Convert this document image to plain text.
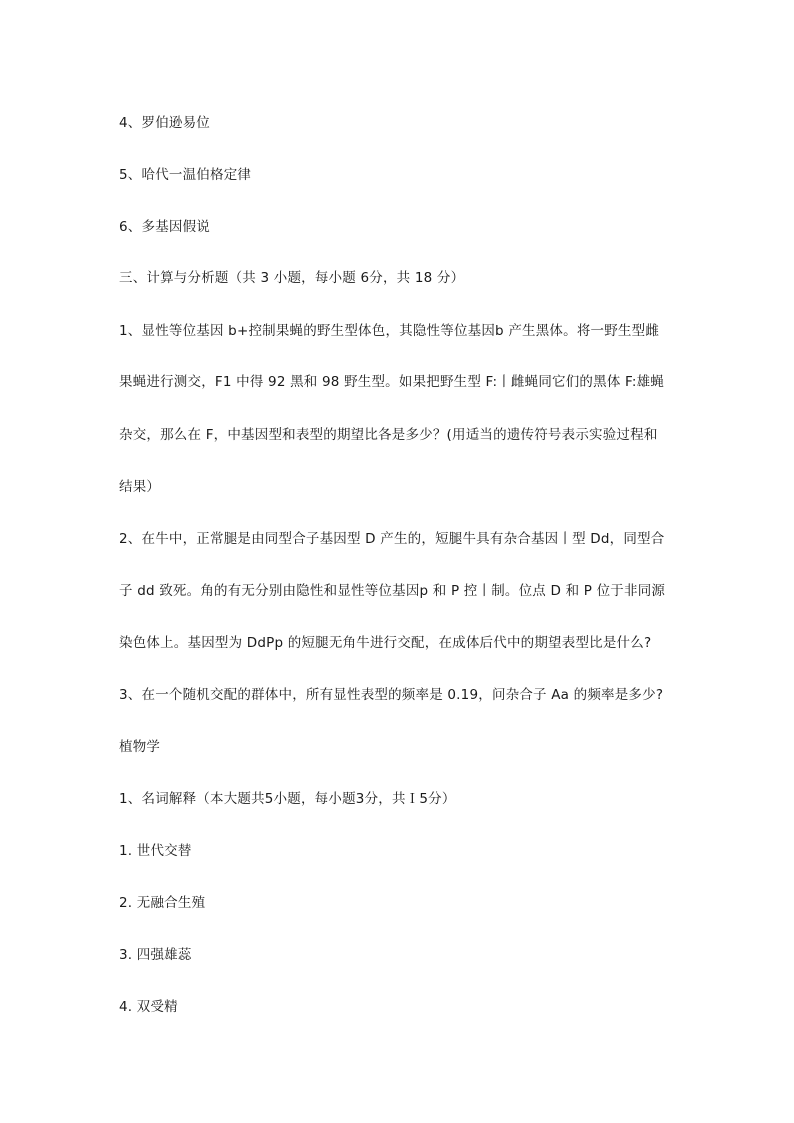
4、罗伯逊易位
5、哈代一温伯格定律
6、多基因假说
三、计算与分析题（共 3 小题，每小题 6分，共 18 分）
1、显性等位基因 b+控制果蝇的野生型体色，其隐性等位基因b 产生黑体。将一野生型雌
果蝇进行测交，F1 中得 92 黑和 98 野生型。如果把野生型 F:丨雌蝇同它们的黑体 F:雄蝇
杂交，那么在 F，中基因型和表型的期望比各是多少？(用适当的遗传符号表示实验过程和
结果）
2、在牛中，正常腿是由同型合子基因型 D 产生的，短腿牛具有杂合基因丨型 Dd，同型合
子 dd 致死。角的有无分别由隐性和显性等位基因p 和 P 控丨制。位点 D 和 P 位于非同源
染色体上。基因型为 DdPp 的短腿无角牛进行交配，在成体后代中的期望表型比是什么?
3、在一个随机交配的群体中，所有显性表型的频率是 0.19，问杂合子 Aa 的频率是多少?
植物学
1、名词解释（本大题共5小题，每小题3分，共Ｉ5分）
1. 世代交替
2. 无融合生殖
3. 四强雄蕊
4. 双受精
